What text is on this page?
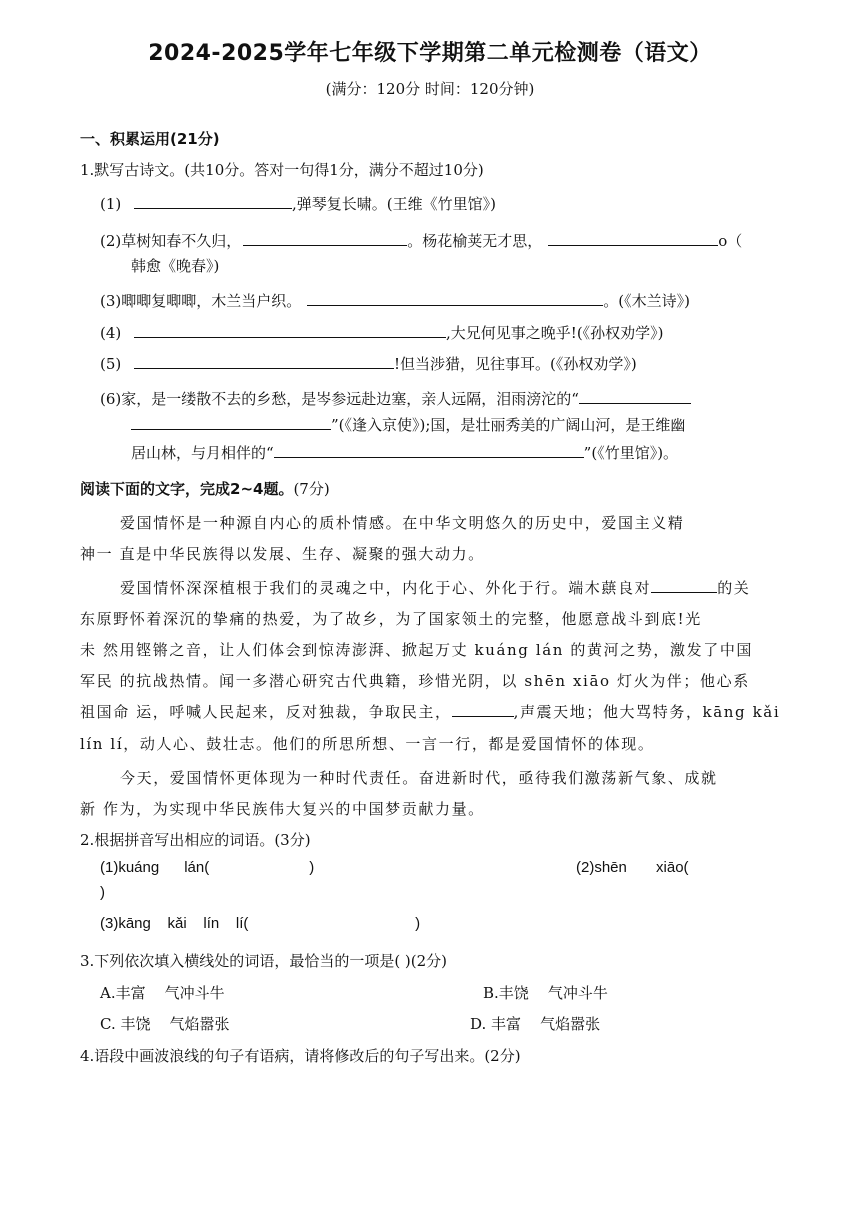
2024-2025学年七年级下学期第二单元检测卷（语文）
(满分：120分 时间：120分钟)
一、积累运用(21分)
1.默写古诗文。(共10分。答对一句得1分，满分不超过10分)
(1)	,弹琴复长啸。(王维《竹里馆》)
(2)草树知春不久归，	。杨花榆荚无才思，	o（
韩愈《晚春》)
(3)唧唧复唧唧，木兰当户织。	。(《木兰诗》)
(4)	,大兄何见事之晚乎!(《孙权劝学》)
(5)	!但当涉猎，见往事耳。(《孙权劝学》)
(6)家，是一缕散不去的乡愁，是岑参远赴边塞，亲人远隔，泪雨滂沱的“
”(《逢入京使》);国，是壮丽秀美的广阔山河，是王维幽
居山林，与月相伴的“	”(《竹里馆》)。
阅读下面的文字，完成2~4题。(7分)
爱国情怀是一种源自内心的质朴情感。在中华文明悠久的历史中，爱国主义精
神一 直是中华民族得以发展、生存、凝聚的强大动力。
爱国情怀深深植根于我们的灵魂之中，内化于心、外化于行。端木蕻良对	的关
东原野怀着深沉的挚痛的热爱，为了故乡，为了国家领土的完整，他愿意战斗到底!光
未 然用铿锵之音，让人们体会到惊涛澎湃、掀起万丈 kuáng lán 的黄河之势，激发了中国
军民 的抗战热情。闻一多潜心研究古代典籍，珍惜光阴，以 shēn xiāo 灯火为伴；他心系
祖国命 运，呼喊人民起来，反对独裁，争取民主，	,声震天地；他大骂特务，kāng kǎi
lín lí，动人心、鼓壮志。他们的所思所想、一言一行，都是爱国情怀的体现。
今天，爱国情怀更体现为一种时代责任。奋进新时代，亟待我们激荡新气象、成就
新 作为，为实现中华民族伟大复兴的中国梦贡献力量。
2.根据拼音写出相应的词语。(3分)
(1)kuáng      lán(                        )	(2)shēn       xiāo(
)
(3)kāng    kǎi    lín    lí(                                        )
3.下列依次填入横线处的词语，最恰当的一项是( )(2分)
A.丰富    气冲斗牛	B.丰饶    气冲斗牛
C. 丰饶    气焰嚣张	D. 丰富    气焰嚣张
4.语段中画波浪线的句子有语病，请将修改后的句子写出来。(2分)
